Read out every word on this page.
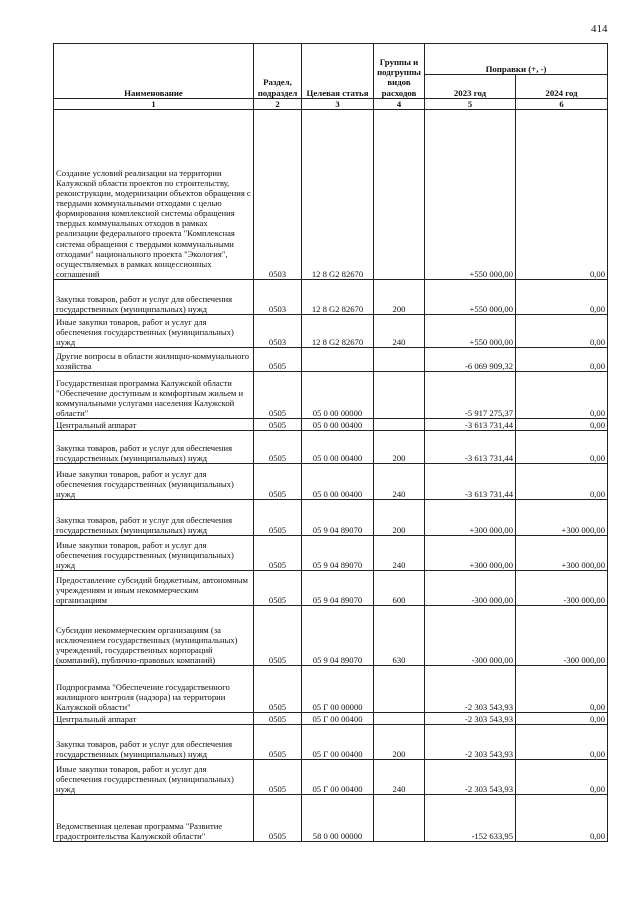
414
Наименование	Раздел, подраздел	Целевая статья	Группы и подгруппы видов расходов	Поправки (+, -)	
				2023 год	2024 год
1	2	3	4	5	6
Создание условий реализации на территории Калужской области проектов по строительству, реконструкции, модернизации объектов обращения с твердыми коммунальными отходами с целью формирования комплексной системы обращения твердых коммунальных отходов в рамках реализации федерального проекта "Комплексная система обращения с твердыми коммунальными отходами" национального проекта "Экология", осуществляемых в рамках концессионных соглашений	0503	12 8 G2 82670		+550 000,00	0,00
Закупка товаров, работ и услуг для обеспечения государственных (муниципальных) нужд	0503	12 8 G2 82670	200	+550 000,00	0,00
Иные закупки товаров, работ и услуг для обеспечения государственных (муниципальных) нужд	0503	12 8 G2 82670	240	+550 000,00	0,00
Другие вопросы в области жилищно-коммунального хозяйства	0505			-6 069 909,32	0,00
Государственная программа Калужской области "Обеспечение доступным и комфортным жильем и коммунальными услугами населения Калужской области"	0505	05 0 00 00000		-5 917 275,37	0,00
Центральный аппарат	0505	05 0 00 00400		-3 613 731,44	0,00
Закупка товаров, работ и услуг для обеспечения государственных (муниципальных) нужд	0505	05 0 00 00400	200	-3 613 731,44	0,00
Иные закупки товаров, работ и услуг для обеспечения государственных (муниципальных) нужд	0505	05 0 00 00400	240	-3 613 731,44	0,00
Закупка товаров, работ и услуг для обеспечения государственных (муниципальных) нужд	0505	05 9 04 89070	200	+300 000,00	+300 000,00
Иные закупки товаров, работ и услуг для обеспечения государственных (муниципальных) нужд	0505	05 9 04 89070	240	+300 000,00	+300 000,00
Предоставление субсидий бюджетным, автономным учреждениям и иным некоммерческим организациям	0505	05 9 04 89070	600	-300 000,00	-300 000,00
Субсидии некоммерческим организациям (за исключением государственных (муниципальных) учреждений, государственных корпораций (компаний), публично-правовых компаний)	0505	05 9 04 89070	630	-300 000,00	-300 000,00
Подпрограмма "Обеспечение государственного жилищного контроля (надзора) на территории Калужской области"	0505	05 Г 00 00000		-2 303 543,93	0,00
Центральный аппарат	0505	05 Г 00 00400		-2 303 543,93	0,00
Закупка товаров, работ и услуг для обеспечения государственных (муниципальных) нужд	0505	05 Г 00 00400	200	-2 303 543,93	0,00
Иные закупки товаров, работ и услуг для обеспечения государственных (муниципальных) нужд	0505	05 Г 00 00400	240	-2 303 543,93	0,00
Ведомственная целевая программа "Развитие градостроительства Калужской области"	0505	58 0 00 00000		-152 633,95	0,00
